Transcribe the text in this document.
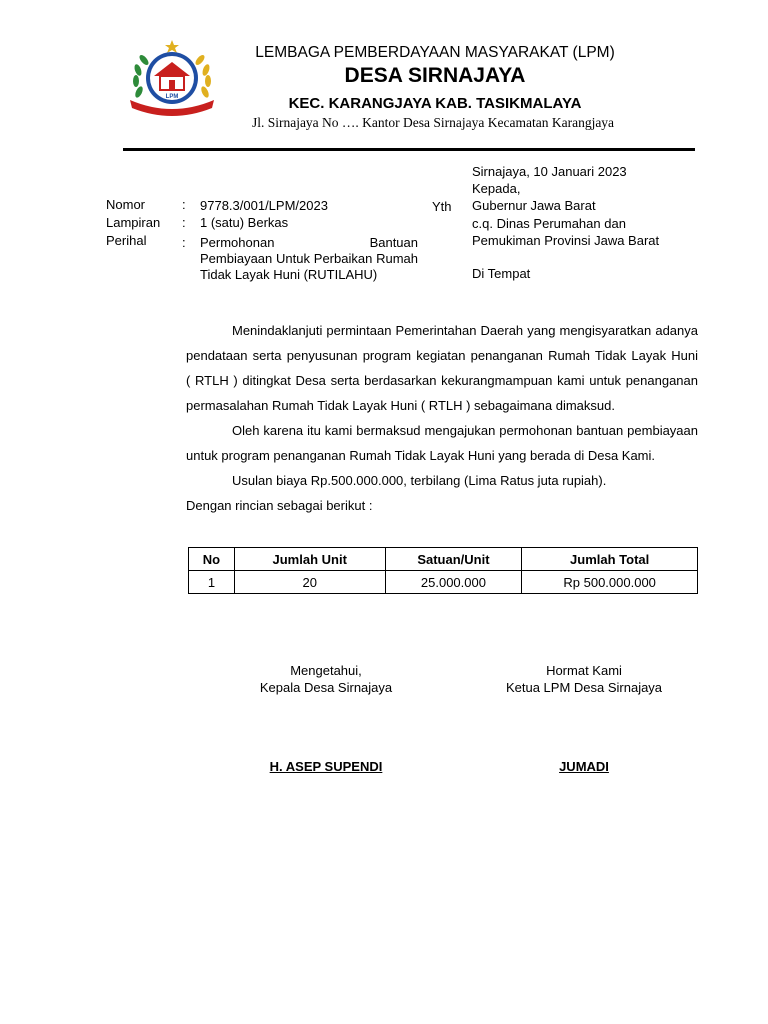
LPM
LEMBAGA PEMBERDAYAAN MASYARAKAT (LPM)
DESA SIRNAJAYA
KEC. KARANGJAYA KAB. TASIKMALAYA
Jl. Sirnajaya No …. Kantor Desa Sirnajaya Kecamatan Karangjaya
Nomor	: 9778.3/001/LPM/2023
Lampiran : 1 (satu) Berkas
Perihal	: Permohonan Bantuan
Pembiayaan Untuk Perbaikan Rumah
Tidak Layak Huni (RUTILAHU)
Yth
Sirnajaya, 10 Januari 2023
Kepada,
Gubernur Jawa Barat
c.q. Dinas Perumahan dan
Pemukiman Provinsi Jawa Barat
Di Tempat
Menindaklanjuti permintaan Pemerintahan Daerah yang mengisyaratkan adanya
pendataan serta penyusunan program kegiatan penanganan Rumah Tidak Layak Huni
( RTLH ) ditingkat Desa serta berdasarkan kekurangmampuan kami untuk penanganan
permasalahan Rumah Tidak Layak Huni ( RTLH ) sebagaimana dimaksud.
Oleh karena itu kami bermaksud mengajukan permohonan bantuan pembiayaan
untuk program penanganan Rumah Tidak Layak Huni yang berada di Desa Kami.
Usulan biaya Rp.500.000.000, terbilang (Lima Ratus juta rupiah).
Dengan rincian sebagai berikut :
No	Jumlah Unit	Satuan/Unit	Jumlah Total
1	20	25.000.000	Rp 500.000.000
Mengetahui,
Kepala Desa Sirnajaya
H. ASEP SUPENDI
Hormat Kami
Ketua LPM Desa Sirnajaya
JUMADI
